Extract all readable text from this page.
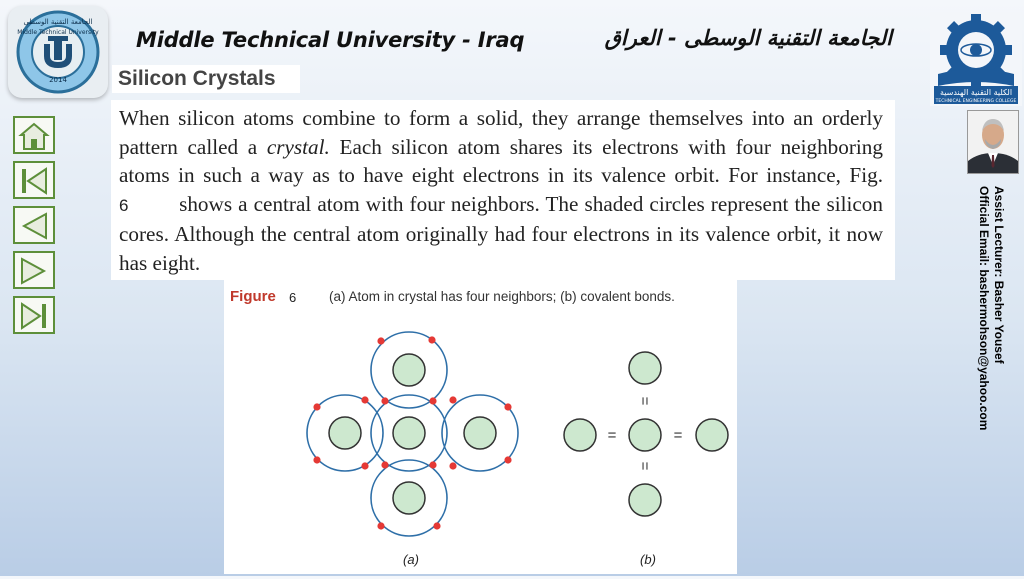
الجامعة التقنية الوسطى
Middle Technical University
2014
Middle Technical University - Iraq	الجامعة التقنية الوسطى - العراق
الكلية التقنية الهندسية
TECHNICAL ENGINEERING COLLEGE
Assist Lecturer: Basher Yousef
Official Email: bashermohson@yahoo.com
Silicon Crystals
When silicon atoms combine to form a solid, they arrange themselves into an orderly pattern called a crystal. Each silicon atom shares its electrons with four neighboring atoms in such a way as to have eight electrons in its valence orbit. For instance, Fig. 6 shows a central atom with four neighbors. The shaded circles represent the silicon cores. Although the central atom originally had four electrons in its valence orbit, it now has eight.
Figure 6 (a) Atom in crystal has four neighbors; (b) covalent bonds.
(a)
=	=
=
=
(b)
